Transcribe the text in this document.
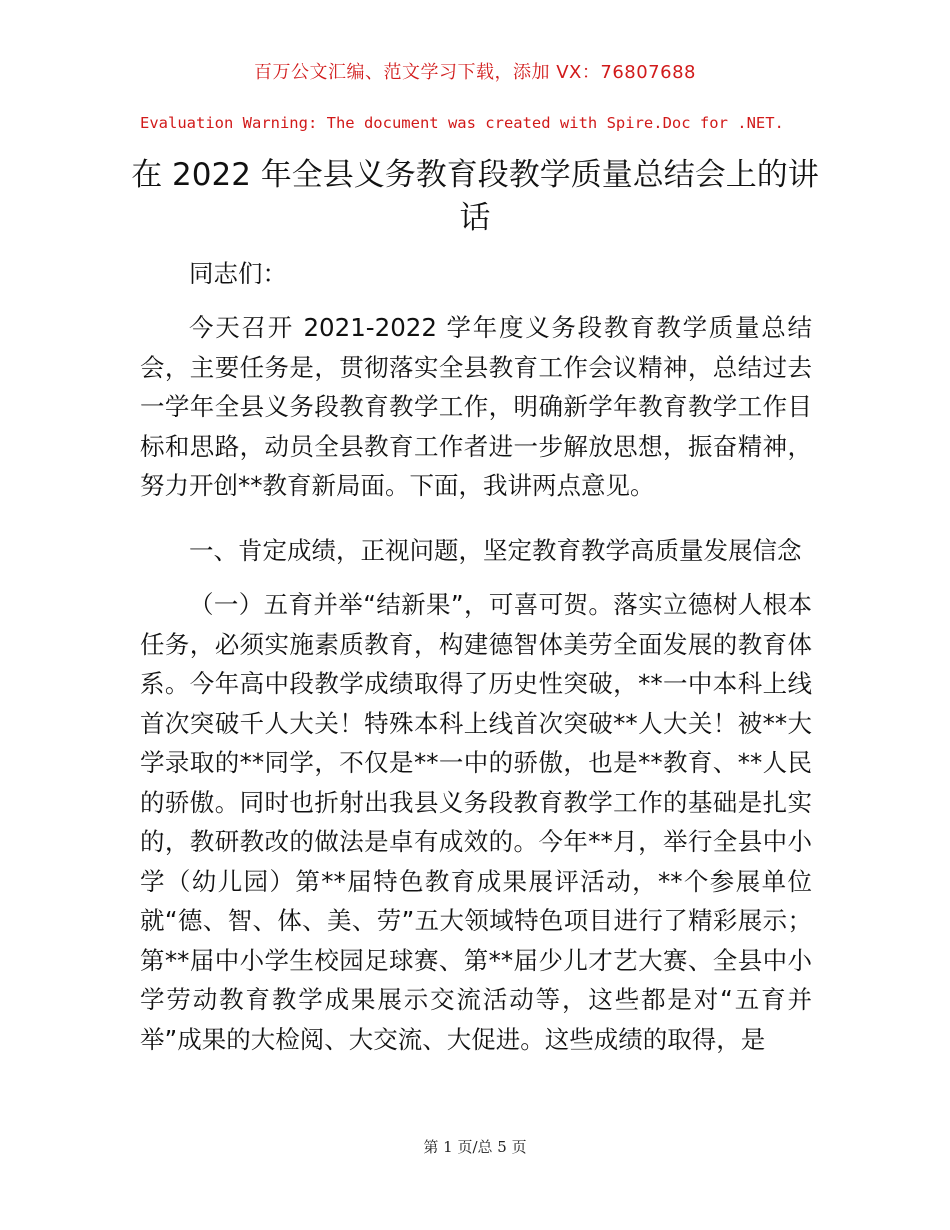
百万公文汇编、范文学习下载，添加 VX：76807688
Evaluation Warning: The document was created with Spire.Doc for .NET.
在 2022 年全县义务教育段教学质量总结会上的讲话
同志们：
今天召开 2021-2022 学年度义务段教育教学质量总结会，主要任务是，贯彻落实全县教育工作会议精神，总结过去一学年全县义务段教育教学工作，明确新学年教育教学工作目标和思路，动员全县教育工作者进一步解放思想，振奋精神，努力开创**教育新局面。下面，我讲两点意见。
一、肯定成绩，正视问题，坚定教育教学高质量发展信念
（一）五育并举“结新果”，可喜可贺。落实立德树人根本任务，必须实施素质教育，构建德智体美劳全面发展的教育体系。今年高中段教学成绩取得了历史性突破，**一中本科上线首次突破千人大关！特殊本科上线首次突破**人大关！被**大学录取的**同学，不仅是**一中的骄傲，也是**教育、**人民的骄傲。同时也折射出我县义务段教育教学工作的基础是扎实的，教研教改的做法是卓有成效的。今年**月，举行全县中小学（幼儿园）第**届特色教育成果展评活动，**个参展单位就“德、智、体、美、劳”五大领域特色项目进行了精彩展示；第**届中小学生校园足球赛、第**届少儿才艺大赛、全县中小学劳动教育教学成果展示交流活动等，这些都是对“五育并举”成果的大检阅、大交流、大促进。这些成绩的取得，是
第 1 页/总 5 页
